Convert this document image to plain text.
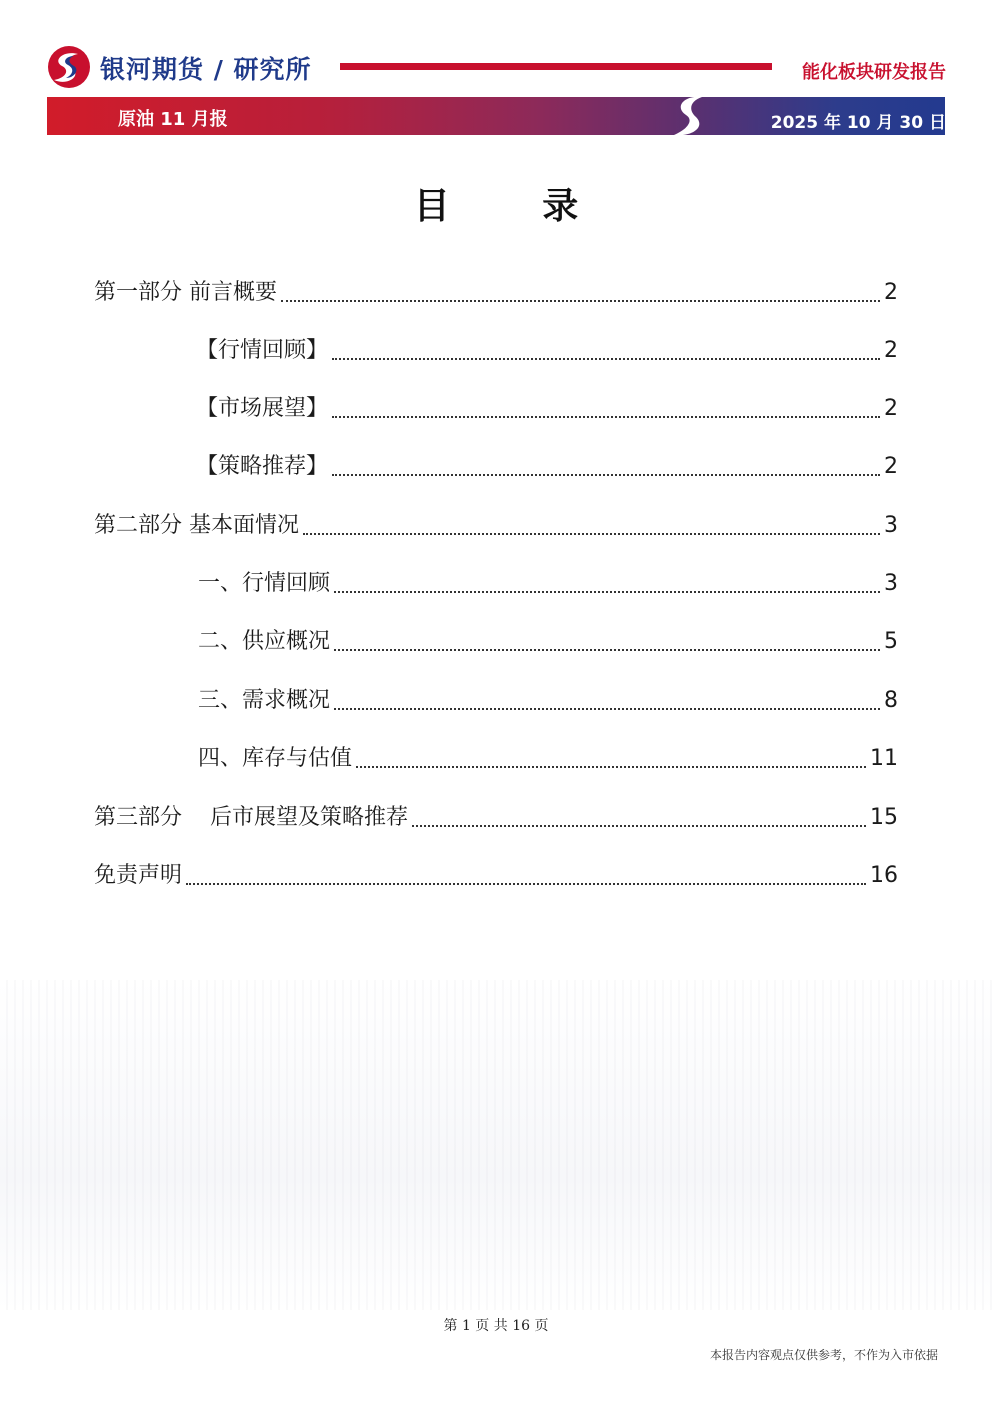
银河期货 / 研究所	能化板块研发报告
原油 11 月报	2025 年 10 月 30 日
目 录
第一部分 前言概要	2
【行情回顾】	2
【市场展望】	2
【策略推荐】	2
第二部分 基本面情况	3
一、行情回顾	3
二、供应概况	5
三、需求概况	8
四、库存与估值	11
第三部分    后市展望及策略推荐	15
免责声明	16
第 1 页 共 16 页
本报告内容观点仅供参考，不作为入市依据
